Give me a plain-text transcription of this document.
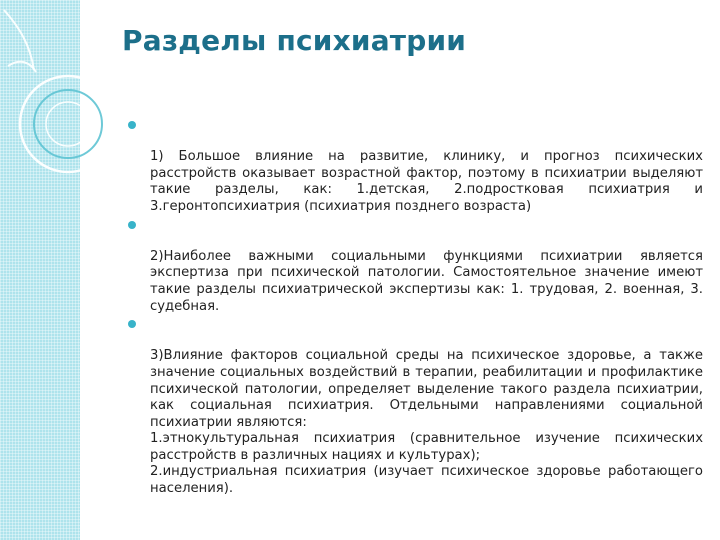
Разделы психиатрии

1) Большое влияние на развитие, клинику, и прогноз психических расстройств оказывает возрастной фактор, поэтому в психиатрии выделяют такие разделы, как: 1.детская, 2.подростковая психиатрия и 3.геронтопсихиатрия (психиатрия позднего возраста)

2)Наиболее важными социальными функциями психиатрии является экспертиза при психической патологии. Самостоятельное значение имеют такие разделы психиатрической экспертизы как: 1. трудовая, 2. военная, 3. судебная.

3)Влияние факторов социальной среды на психическое здоровье, а также значение социальных воздействий в терапии, реабилитации и профилактике психической патологии, определяет выделение такого раздела психиатрии, как социальная психиатрия. Отдельными направлениями социальной психиатрии являются:
1.этнокультуральная психиатрия (сравнительное изучение психических расстройств в различных нациях и культурах);
2.индустриальная психиатрия (изучает психическое здоровье работающего населения).
